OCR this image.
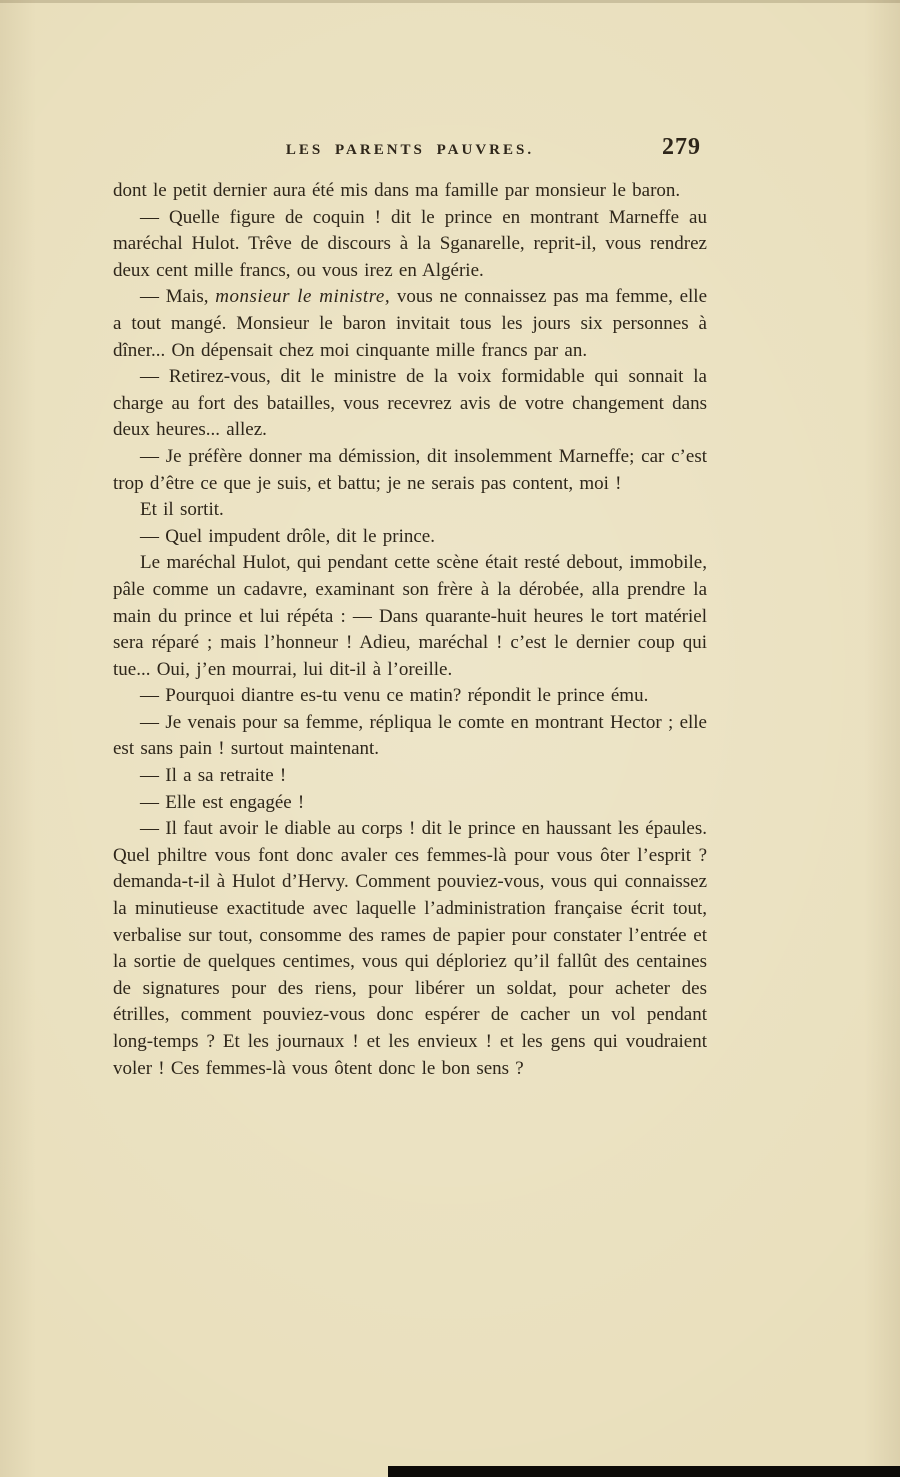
LES PARENTS PAUVRES.	279

dont le petit dernier aura été mis dans ma famille par monsieur le baron.

— Quelle figure de coquin ! dit le prince en montrant Marneffe au maréchal Hulot. Trêve de discours à la Sganarelle, reprit-il, vous rendrez deux cent mille francs, ou vous irez en Algérie.

— Mais, monsieur le ministre, vous ne connaissez pas ma femme, elle a tout mangé. Monsieur le baron invitait tous les jours six personnes à dîner... On dépensait chez moi cinquante mille francs par an.

— Retirez-vous, dit le ministre de la voix formidable qui sonnait la charge au fort des batailles, vous recevrez avis de votre changement dans deux heures... allez.

— Je préfère donner ma démission, dit insolemment Marneffe; car c’est trop d’être ce que je suis, et battu; je ne serais pas content, moi !

Et il sortit.

— Quel impudent drôle, dit le prince.

Le maréchal Hulot, qui pendant cette scène était resté debout, immobile, pâle comme un cadavre, examinant son frère à la dérobée, alla prendre la main du prince et lui répéta : — Dans quarante-huit heures le tort matériel sera réparé ; mais l’honneur ! Adieu, maréchal ! c’est le dernier coup qui tue... Oui, j’en mourrai, lui dit-il à l’oreille.

— Pourquoi diantre es-tu venu ce matin? répondit le prince ému.

— Je venais pour sa femme, répliqua le comte en montrant Hector ; elle est sans pain ! surtout maintenant.

— Il a sa retraite !

— Elle est engagée !

— Il faut avoir le diable au corps ! dit le prince en haussant les épaules. Quel philtre vous font donc avaler ces femmes-là pour vous ôter l’esprit ? demanda-t-il à Hulot d’Hervy. Comment pouviez-vous, vous qui connaissez la minutieuse exactitude avec laquelle l’administration française écrit tout, verbalise sur tout, consomme des rames de papier pour constater l’entrée et la sortie de quelques centimes, vous qui déploriez qu’il fallût des centaines de signatures pour des riens, pour libérer un soldat, pour acheter des étrilles, comment pouviez-vous donc espérer de cacher un vol pendant long-temps ? Et les journaux ! et les envieux ! et les gens qui voudraient voler ! Ces femmes-là vous ôtent donc le bon sens ?
